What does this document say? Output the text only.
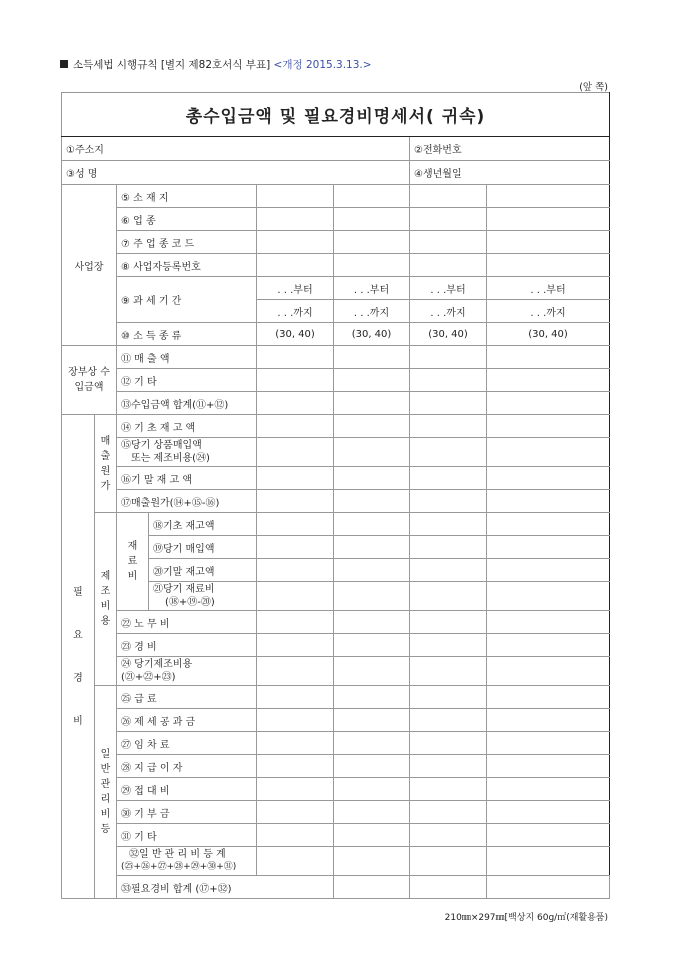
소득세법 시행규칙 [별지 제82호서식 부표] <개정 2015.3.13.>
(앞 쪽)
총수입금액 및 필요경비명세서( 귀속)								
①주소지						②전화번호		
③성 명						④생년월일		
사업장		⑤ 소 재 지						
		⑥ 업 종						
		⑦ 주 업 종 코 드						
		⑧ 사업자등록번호						
		⑨ 과 세 기 간		. . .부터	. . .부터	. . .부터	. . .부터	
				. . .까지	. . .까지	. . .까지	. . .까지	
		⑩ 소 득 종 류		(30, 40)	(30, 40)	(30, 40)	(30, 40)	
장부상 수입금액		⑪ 매 출 액						
		⑫ 기 타						
		⑬수입금액 합계(⑪+⑫)						
필 요 경 비	매 출 원 가	⑭ 기 초 재 고 액						

		⑮당기 상품매입액
또는 제조비용(㉔)						

		⑯기 말 재 고 액						
		⑰매출원가(⑭+⑮-⑯)						
	제 조 비 용	재 료 비	⑱기초 재고액					
			⑲당기 매입액					
			⑳기말 재고액					

			㉑당기 재료비
(⑱+⑲-⑳)					

		㉒ 노 무 비						
		㉓ 경 비						

		㉔ 당기제조비용
(㉑+㉒+㉓)						

	일 반 관 리 비 등	㉕ 급 료						
		㉖ 제 세 공 과 금						
		㉗ 임 차 료						
		㉘ 지 급 이 자						
		㉙ 접 대 비						
		㉚ 기 부 금						
		㉛ 기 타						

		㉜일 반 관 리 비 등 계
(㉕+㉖+㉗+㉘+㉙+㉚+㉛)						

		㉝필요경비 합계 (⑰+㉜)						
210㎜×297㎜[백상지 60g/㎡(재활용품)
